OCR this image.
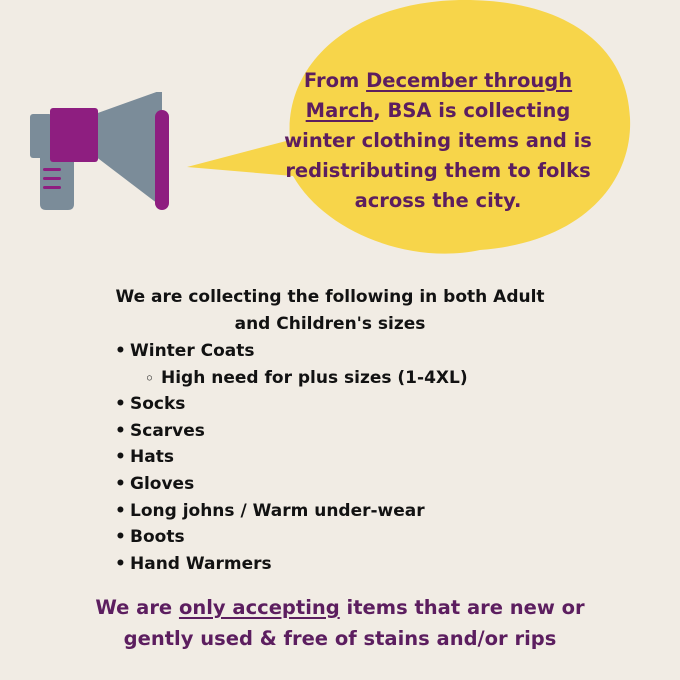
From December through March, BSA is collecting winter clothing items and is redistributing them to folks across the city.
We are collecting the following in both Adult and Children's sizes
• Winter Coats
◦ High need for plus sizes (1-4XL)
• Socks
• Scarves
• Hats
• Gloves
• Long johns / Warm under-wear
• Boots
• Hand Warmers
We are only accepting items that are new or gently used & free of stains and/or rips
